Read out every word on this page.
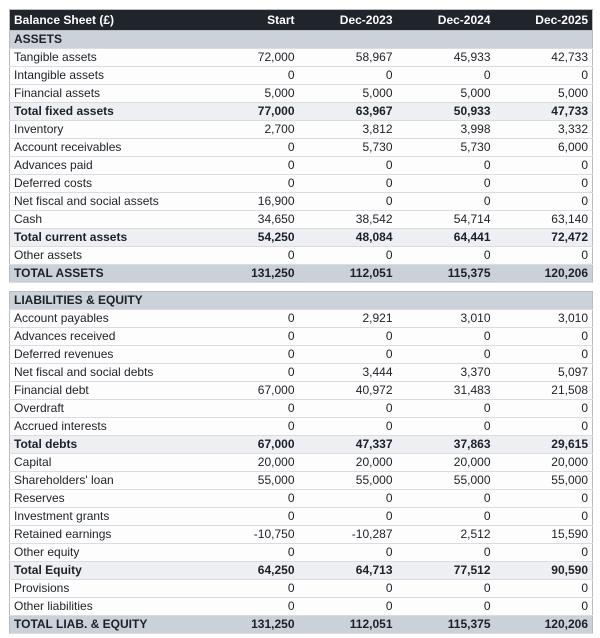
Balance Sheet (£)	Start	Dec-2023	Dec-2024	Dec-2025
ASSETS				
Tangible assets	72,000	58,967	45,933	42,733
Intangible assets	0	0	0	0
Financial assets	5,000	5,000	5,000	5,000
Total fixed assets	77,000	63,967	50,933	47,733
Inventory	2,700	3,812	3,998	3,332
Account receivables	0	5,730	5,730	6,000
Advances paid	0	0	0	0
Deferred costs	0	0	0	0
Net fiscal and social assets	16,900	0	0	0
Cash	34,650	38,542	54,714	63,140
Total current assets	54,250	48,084	64,441	72,472
Other assets	0	0	0	0
TOTAL ASSETS	131,250	112,051	115,375	120,206
LIABILITIES & EQUITY				
Account payables	0	2,921	3,010	3,010
Advances received	0	0	0	0
Deferred revenues	0	0	0	0
Net fiscal and social debts	0	3,444	3,370	5,097
Financial debt	67,000	40,972	31,483	21,508
Overdraft	0	0	0	0
Accrued interests	0	0	0	0
Total debts	67,000	47,337	37,863	29,615
Capital	20,000	20,000	20,000	20,000
Shareholders' loan	55,000	55,000	55,000	55,000
Reserves	0	0	0	0
Investment grants	0	0	0	0
Retained earnings	-10,750	-10,287	2,512	15,590
Other equity	0	0	0	0
Total Equity	64,250	64,713	77,512	90,590
Provisions	0	0	0	0
Other liabilities	0	0	0	0
TOTAL LIAB. & EQUITY	131,250	112,051	115,375	120,206
